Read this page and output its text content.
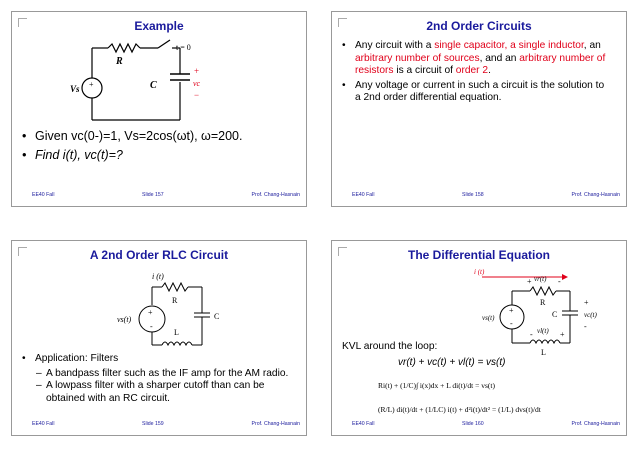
Example
R
C
Vs +
t = 0
+
vc
−
• Given vc(0-)=1, Vs=2cos(ωt), ω=200.
• Find i(t), vc(t)=?
EE40 Fall	Slide 157	Prof. Chang-Hasnain
2nd Order Circuits
• Any circuit with a single capacitor, a single inductor, an arbitrary number of sources, and an arbitrary number of resistors is a circuit of order 2.
• Any voltage or current in such a circuit is the solution to a 2nd order differential equation.
EE40 Fall	Slide 158	Prof. Chang-Hasnain
A 2nd Order RLC Circuit
i (t)
R
C
L
vs(t)
+
-
• Application: Filters
– A bandpass filter such as the IF amp for the AM radio.
– A lowpass filter with a sharper cutoff than can be obtained with an RC circuit.
EE40 Fall	Slide 159	Prof. Chang-Hasnain
The Differential Equation
i (t)
vr(t)
+	-
R
C	vc(t)
+
-
vl(t)
-	+
L
vs(t)
+
-
KVL around the loop:
vr(t) + vc(t) + vl(t) = vs(t)
Ri(t) + (1/C)∫ i(x)dx + L di(t)/dt = vs(t)
(R/L) di(t)/dt + (1/LC) i(t) + d²i(t)/dt² = (1/L) dvs(t)/dt
EE40 Fall	Slide 160	Prof. Chang-Hasnain
